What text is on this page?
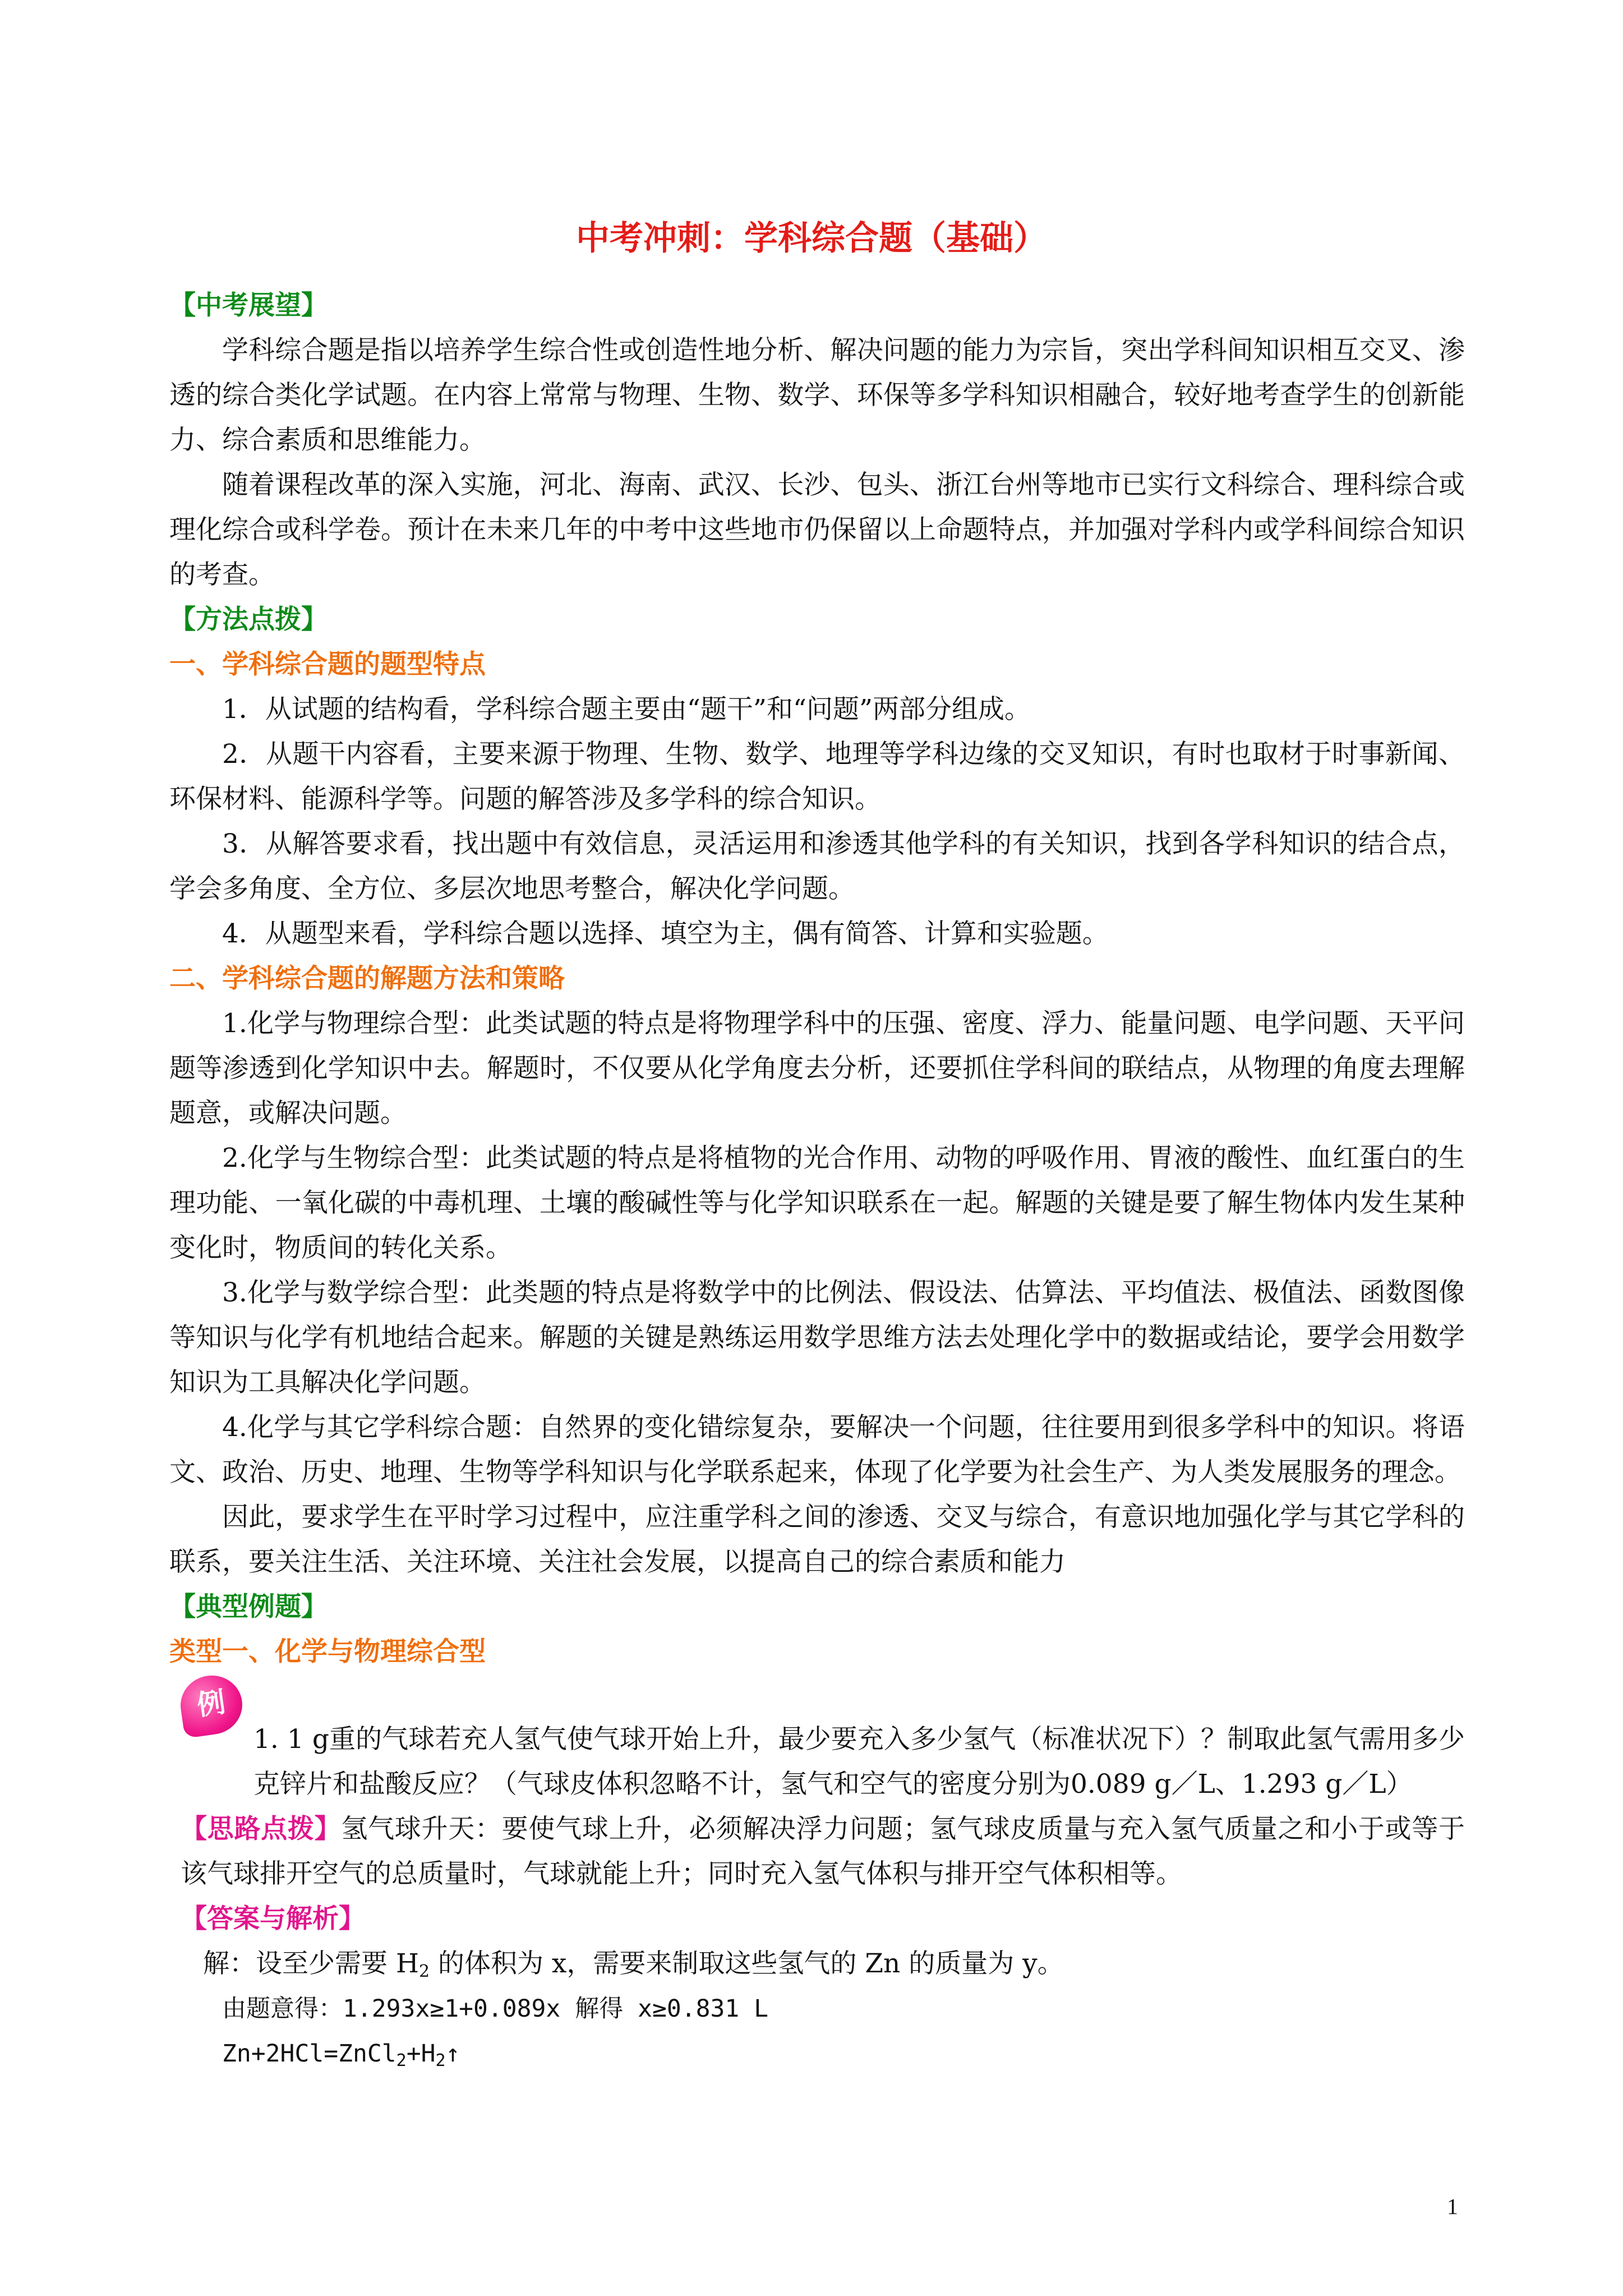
中考冲刺：学科综合题（基础）

【中考展望】

学科综合题是指以培养学生综合性或创造性地分析、解决问题的能力为宗旨，突出学科间知识相互交叉、渗透的综合类化学试题。在内容上常常与物理、生物、数学、环保等多学科知识相融合，较好地考查学生的创新能力、综合素质和思维能力。

随着课程改革的深入实施，河北、海南、武汉、长沙、包头、浙江台州等地市已实行文科综合、理科综合或理化综合或科学卷。预计在未来几年的中考中这些地市仍保留以上命题特点，并加强对学科内或学科间综合知识的考查。

【方法点拨】

一、学科综合题的题型特点

1．从试题的结构看，学科综合题主要由“题干”和“问题”两部分组成。

2．从题干内容看，主要来源于物理、生物、数学、地理等学科边缘的交叉知识，有时也取材于时事新闻、环保材料、能源科学等。问题的解答涉及多学科的综合知识。

3．从解答要求看，找出题中有效信息，灵活运用和渗透其他学科的有关知识，找到各学科知识的结合点，学会多角度、全方位、多层次地思考整合，解决化学问题。

4．从题型来看，学科综合题以选择、填空为主，偶有简答、计算和实验题。

二、学科综合题的解题方法和策略

1.化学与物理综合型：此类试题的特点是将物理学科中的压强、密度、浮力、能量问题、电学问题、天平问题等渗透到化学知识中去。解题时，不仅要从化学角度去分析，还要抓住学科间的联结点，从物理的角度去理解题意，或解决问题。

2.化学与生物综合型：此类试题的特点是将植物的光合作用、动物的呼吸作用、胃液的酸性、血红蛋白的生理功能、一氧化碳的中毒机理、土壤的酸碱性等与化学知识联系在一起。解题的关键是要了解生物体内发生某种变化时，物质间的转化关系。

3.化学与数学综合型：此类题的特点是将数学中的比例法、假设法、估算法、平均值法、极值法、函数图像等知识与化学有机地结合起来。解题的关键是熟练运用数学思维方法去处理化学中的数据或结论，要学会用数学知识为工具解决化学问题。

4.化学与其它学科综合题：自然界的变化错综复杂，要解决一个问题，往往要用到很多学科中的知识。将语文、政治、历史、地理、生物等学科知识与化学联系起来，体现了化学要为社会生产、为人类发展服务的理念。

因此，要求学生在平时学习过程中，应注重学科之间的渗透、交叉与综合，有意识地加强化学与其它学科的联系，要关注生活、关注环境、关注社会发展，以提高自己的综合素质和能力

【典型例题】

类型一、化学与物理综合型

例

1. 1 g重的气球若充人氢气使气球开始上升，最少要充入多少氢气（标准状况下）？制取此氢气需用多少克锌片和盐酸反应？（气球皮体积忽略不计，氢气和空气的密度分别为0.089 g／L、1.293 g／L）

【思路点拨】氢气球升天：要使气球上升，必须解决浮力问题；氢气球皮质量与充入氢气质量之和小于或等于该气球排开空气的总质量时，气球就能上升；同时充入氢气体积与排开空气体积相等。

【答案与解析】

解：设至少需要 $H_2$ 的体积为 x，需要来制取这些氢气的 Zn 的质量为 y。

由题意得：1.293x≥1+0.089x 解得 x≥0.831 L

$Zn+2HCl=ZnCl_2+H_2↑$

1
